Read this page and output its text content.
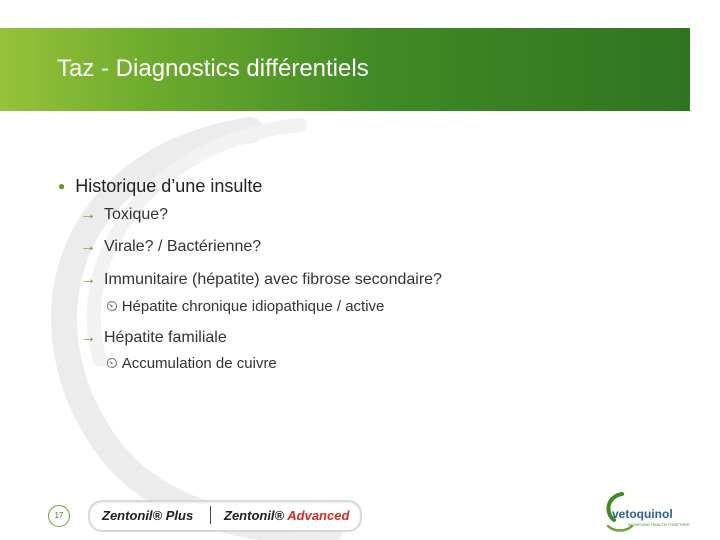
Taz - Diagnostics différentiels
● Historique d’une insulte
→ Toxique?
→ Virale? / Bactérienne?
→ Immunitaire (hépatite) avec fibrose secondaire?
⏲ Hépatite chronique idiopathique / active
→ Hépatite familiale
⏲ Accumulation de cuivre
17	Zentonil® Plus Zentonil® Advanced	vetoquinol
ACHIEVING HEALTH TOGETHER
